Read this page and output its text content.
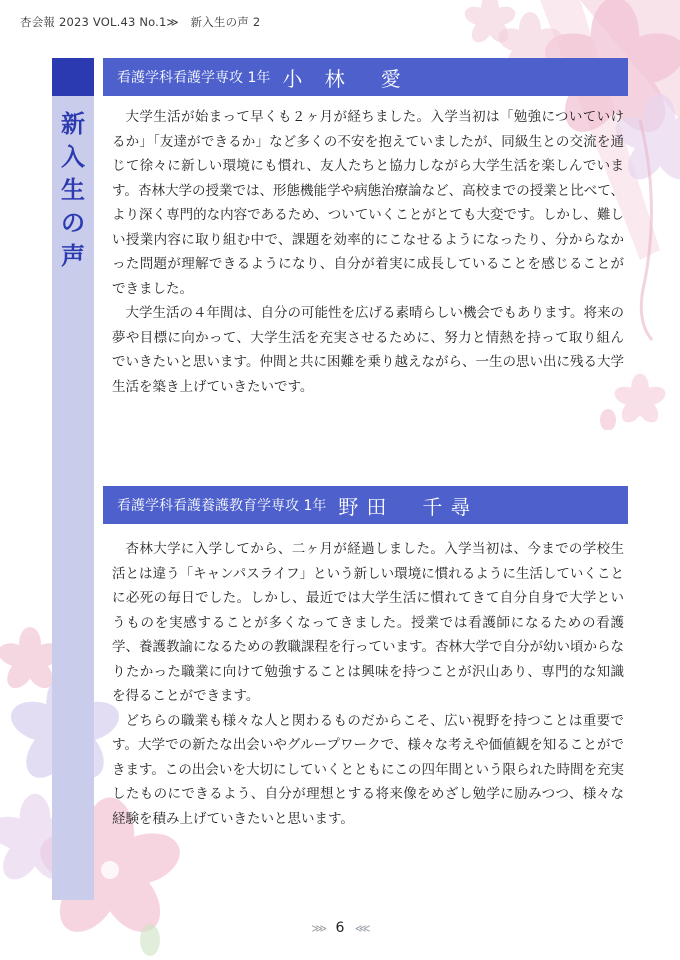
杏会報 2023 VOL.43 No.1≫　新入生の声 2
新
入
生
の
声
看護学科看護学専攻 1年 小 林　愛

大学生活が始まって早くも２ヶ月が経ちました。入学当初は「勉強についていけるか」「友達ができるか」など多くの不安を抱えていましたが、同級生との交流を通じて徐々に新しい環境にも慣れ、友人たちと協力しながら大学生活を楽しんでいます。杏林大学の授業では、形態機能学や病態治療論など、高校までの授業と比べて、より深く専門的な内容であるため、ついていくことがとても大変です。しかし、難しい授業内容に取り組む中で、課題を効率的にこなせるようになったり、分からなかった問題が理解できるようになり、自分が着実に成長していることを感じることができました。

大学生活の４年間は、自分の可能性を広げる素晴らしい機会でもあります。将来の夢や目標に向かって、大学生活を充実させるために、努力と情熱を持って取り組んでいきたいと思います。仲間と共に困難を乗り越えながら、一生の思い出に残る大学生活を築き上げていきたいです。

看護学科看護養護教育学専攻 1年 野田　千尋

杏林大学に入学してから、二ヶ月が経過しました。入学当初は、今までの学校生活とは違う「キャンパスライフ」という新しい環境に慣れるように生活していくことに必死の毎日でした。しかし、最近では大学生活に慣れてきて自分自身で大学というものを実感することが多くなってきました。授業では看護師になるための看護学、養護教諭になるための教職課程を行っています。杏林大学で自分が幼い頃からなりたかった職業に向けて勉強することは興味を持つことが沢山あり、専門的な知識を得ることができます。

どちらの職業も様々な人と関わるものだからこそ、広い視野を持つことは重要です。大学での新たな出会いやグループワークで、様々な考えや価値観を知ることができます。この出会いを大切にしていくとともにこの四年間という限られた時間を充実したものにできるよう、自分が理想とする将来像をめざし勉学に励みつつ、様々な経験を積み上げていきたいと思います。

⋙ 6 ⋘
